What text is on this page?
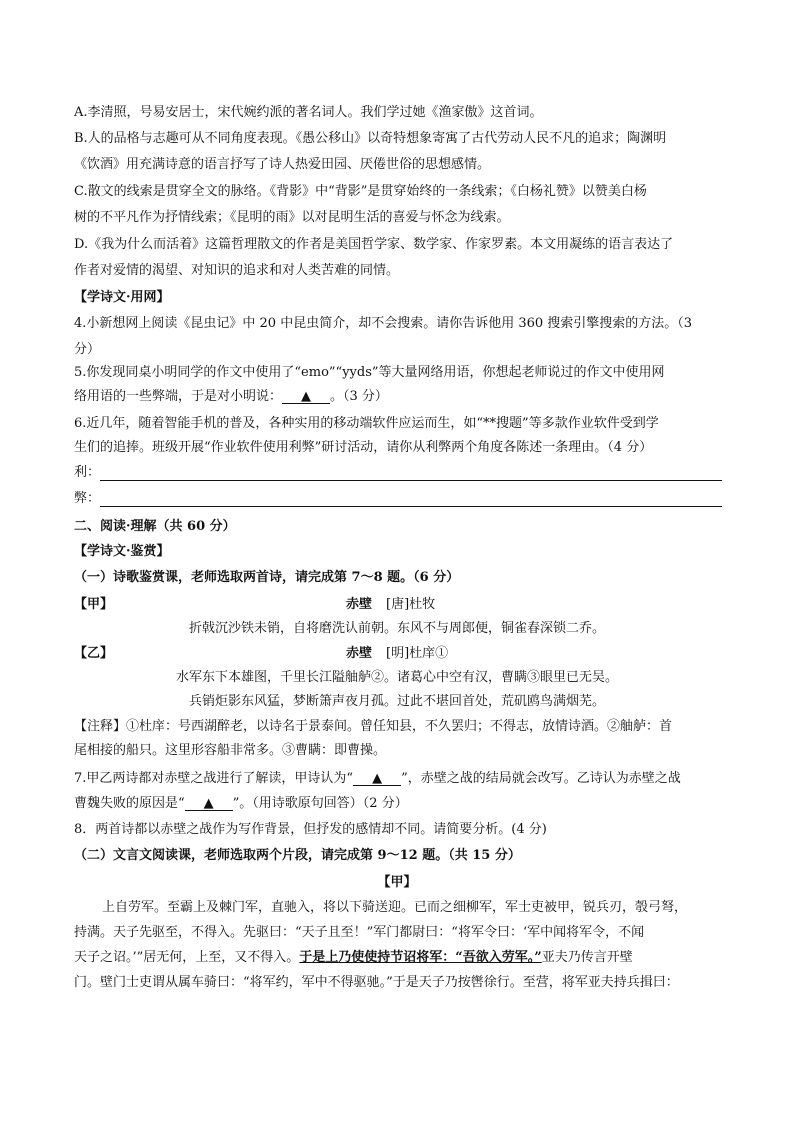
A.李清照，号易安居士，宋代婉约派的著名词人。我们学过她《渔家傲》这首词。
B.人的品格与志趣可从不同角度表现。《愚公移山》以奇特想象寄寓了古代劳动人民不凡的追求；陶渊明
《饮酒》用充满诗意的语言抒写了诗人热爱田园、厌倦世俗的思想感情。
C.散文的线索是贯穿全文的脉络。《背影》中“背影”是贯穿始终的一条线索；《白杨礼赞》以赞美白杨
树的不平凡作为抒情线索；《昆明的雨》以对昆明生活的喜爱与怀念为线索。
D.《我为什么而活着》这篇哲理散文的作者是美国哲学家、数学家、作家罗素。本文用凝练的语言表达了
作者对爱情的渴望、对知识的追求和对人类苦难的同情。
【学诗文·用网】
4.小新想网上阅读《昆虫记》中 20 中昆虫简介，却不会搜索。请你告诉他用 360 搜索引擎搜索的方法。（3
分）
5.你发现同桌小明同学的作文中使用了“emo”“yyds”等大量网络用语，你想起老师说过的作文中使用网
络用语的一些弊端，于是对小明说： ▲ 。（3 分）
6.近几年，随着智能手机的普及，各种实用的移动端软件应运而生，如“**搜题”等多款作业软件受到学
生们的追捧。班级开展“作业软件使用利弊”研讨活动，请你从利弊两个角度各陈述一条理由。（4 分）
利：
弊：
二、阅读·理解（共 60 分）
【学诗文·鉴赏】
（一）诗歌鉴赏课，老师选取两首诗，请完成第 7～8 题。（6 分）
【甲】	赤壁 [唐]杜牧
折戟沉沙铁未销，自将磨洗认前朝。东风不与周郎便，铜雀春深锁二乔。
【乙】	赤壁 [明]杜庠①
水军东下本雄图，千里长江隘舳舻②。诸葛心中空有汉，曹瞒③眼里已无吴。
兵销炬影东风猛，梦断箫声夜月孤。过此不堪回首处，荒矶鸥鸟满烟芜。
【注释】①杜庠：号西湖醉老，以诗名于景泰间。曾任知县，不久罢归；不得志，放情诗酒。②舳舻：首
尾相接的船只。这里形容船非常多。③曹瞒：即曹操。
7.甲乙两诗都对赤壁之战进行了解读，甲诗认为“ ▲ ”，赤壁之战的结局就会改写。乙诗认为赤壁之战
曹魏失败的原因是“ ▲ ”。（用诗歌原句回答）（2 分）
8．两首诗都以赤壁之战作为写作背景，但抒发的感情却不同。请简要分析。(4 分)
（二）文言文阅读课，老师选取两个片段，请完成第 9～12 题。（共 15 分）
【甲】
上自劳军。至霸上及棘门军，直驰入，将以下骑送迎。已而之细柳军，军士吏被甲，锐兵刃，彀弓弩，
持满。天子先驱至，不得入。先驱曰：“天子且至！”军门都尉曰：“将军令曰：‘军中闻将军令，不闻
天子之诏。’”居无何，上至，又不得入。于是上乃使使持节诏将军：“吾欲入劳军。”亚夫乃传言开壁
门。壁门士吏谓从属车骑曰：“将军约，军中不得驱驰。”于是天子乃按辔徐行。至营，将军亚夫持兵揖曰：
